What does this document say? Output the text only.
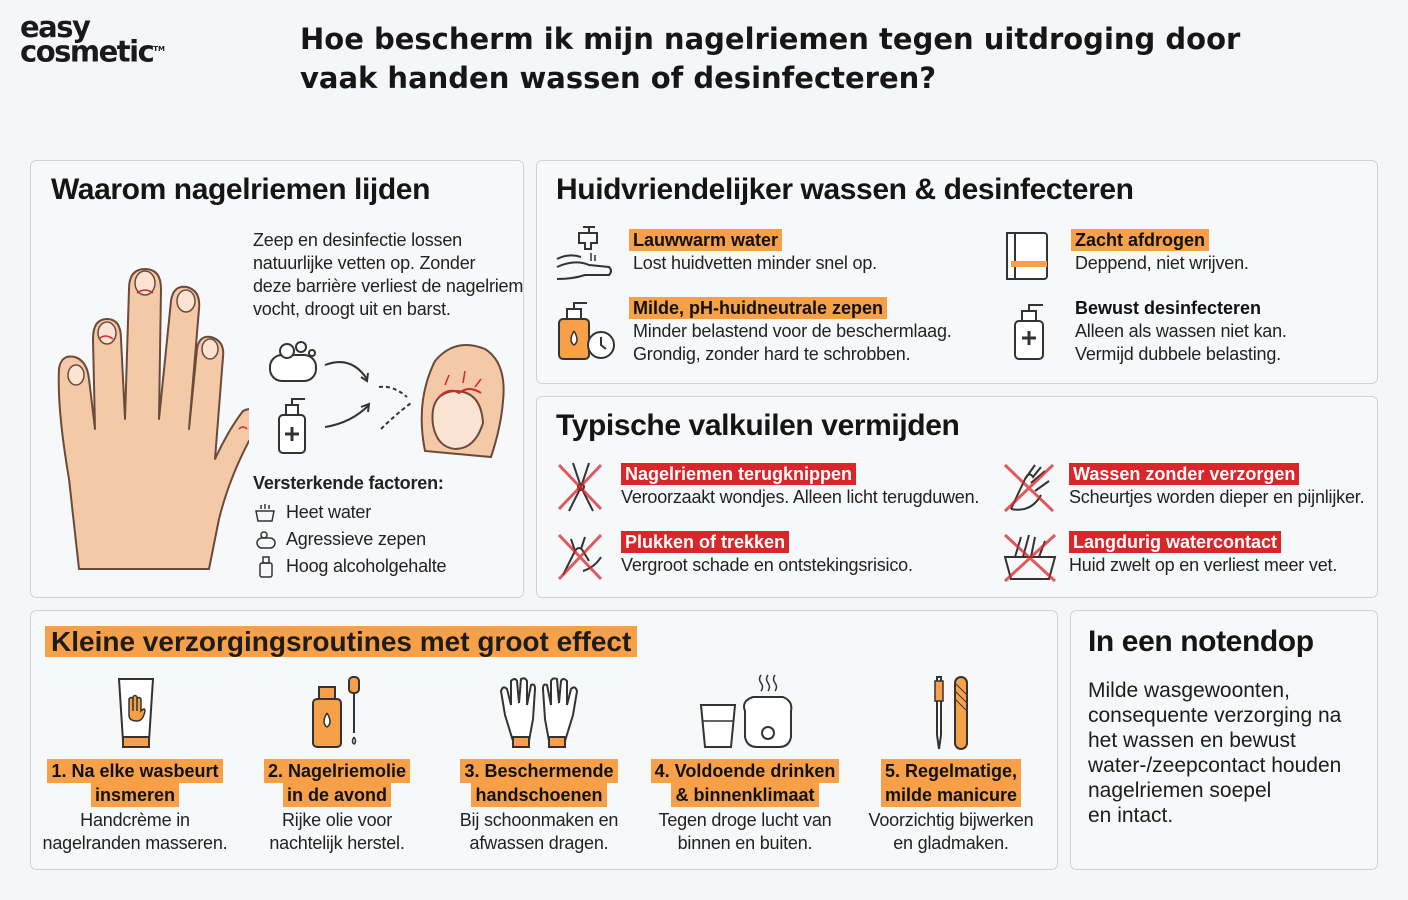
easy
cosmetic™	Hoe bescherm ik mijn nagelriemen tegen uitdroging door vaak handen wassen of desinfecteren?
Waarom nagelriemen lijden
Zeep en desinfectie lossen
natuurlijke vetten op. Zonder
deze barrière verliest de nagelriem
vocht, droogt uit en barst.
Versterkende factoren:
Heet water
Agressieve zepen
Hoog alcoholgehalte
Huidvriendelijker wassen & desinfecteren
Lauwwarm water
Lost huidvetten minder snel op.
Zacht afdrogen
Deppend, niet wrijven.
Milde, pH-huidneutrale zepen
Minder belastend voor de beschermlaag.
Grondig, zonder hard te schrobben.
Bewust desinfecteren
Alleen als wassen niet kan.
Vermijd dubbele belasting.
Typische valkuilen vermijden
Nagelriemen terugknippen
Veroorzaakt wondjes. Alleen licht terugduwen.
Wassen zonder verzorgen
Scheurtjes worden dieper en pijnlijker.
Plukken of trekken
Vergroot schade en ontstekingsrisico.
Langdurig watercontact
Huid zwelt op en verliest meer vet.
Kleine verzorgingsroutines met groot effect
1. Na elke wasbeurt
insmeren
Handcrème in
nagelranden masseren.
2. Nagelriemolie
in de avond
Rijke olie voor
nachtelijk herstel.
3. Beschermende
handschoenen
Bij schoonmaken en
afwassen dragen.
4. Voldoende drinken
& binnenklimaat
Tegen droge lucht van
binnen en buiten.
5. Regelmatige,
milde manicure
Voorzichtig bijwerken
en gladmaken.
In een notendop
Milde wasgewoonten,
consequente verzorging na
het wassen en bewust
water-/zeepcontact houden
nagelriemen soepel
en intact.
